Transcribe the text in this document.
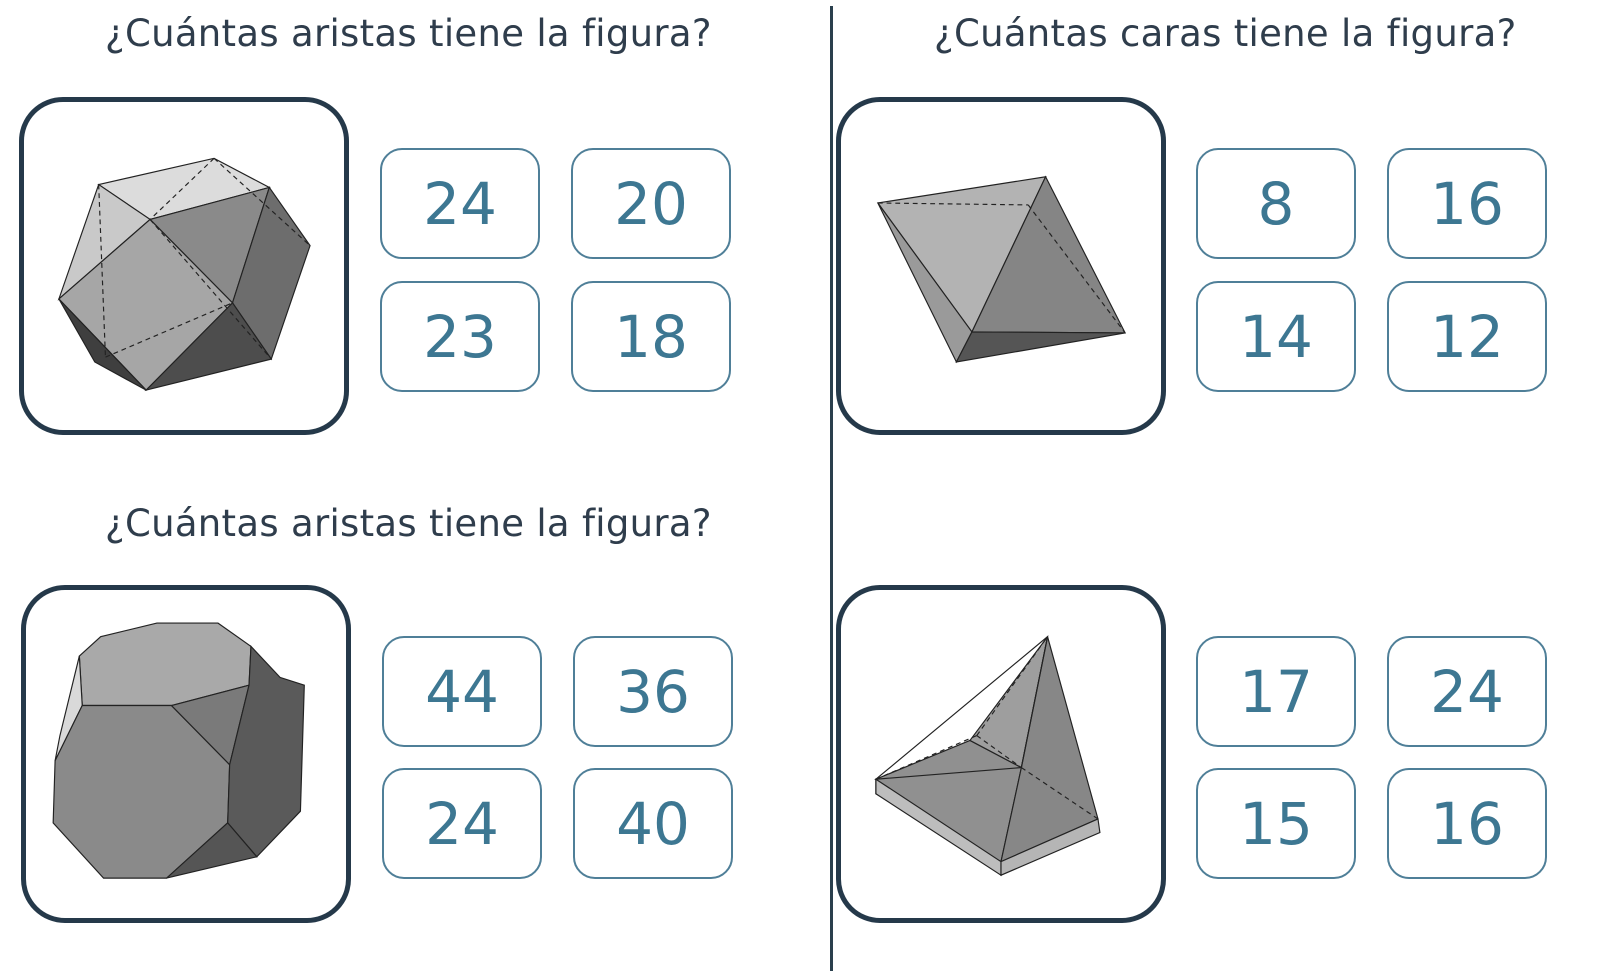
¿Cuántas aristas tiene la figura?
24	20
23	18
¿Cuántas caras tiene la figura?
8	16
14	12
¿Cuántas aristas tiene la figura?
44	36
24	40
17	24
15	16
